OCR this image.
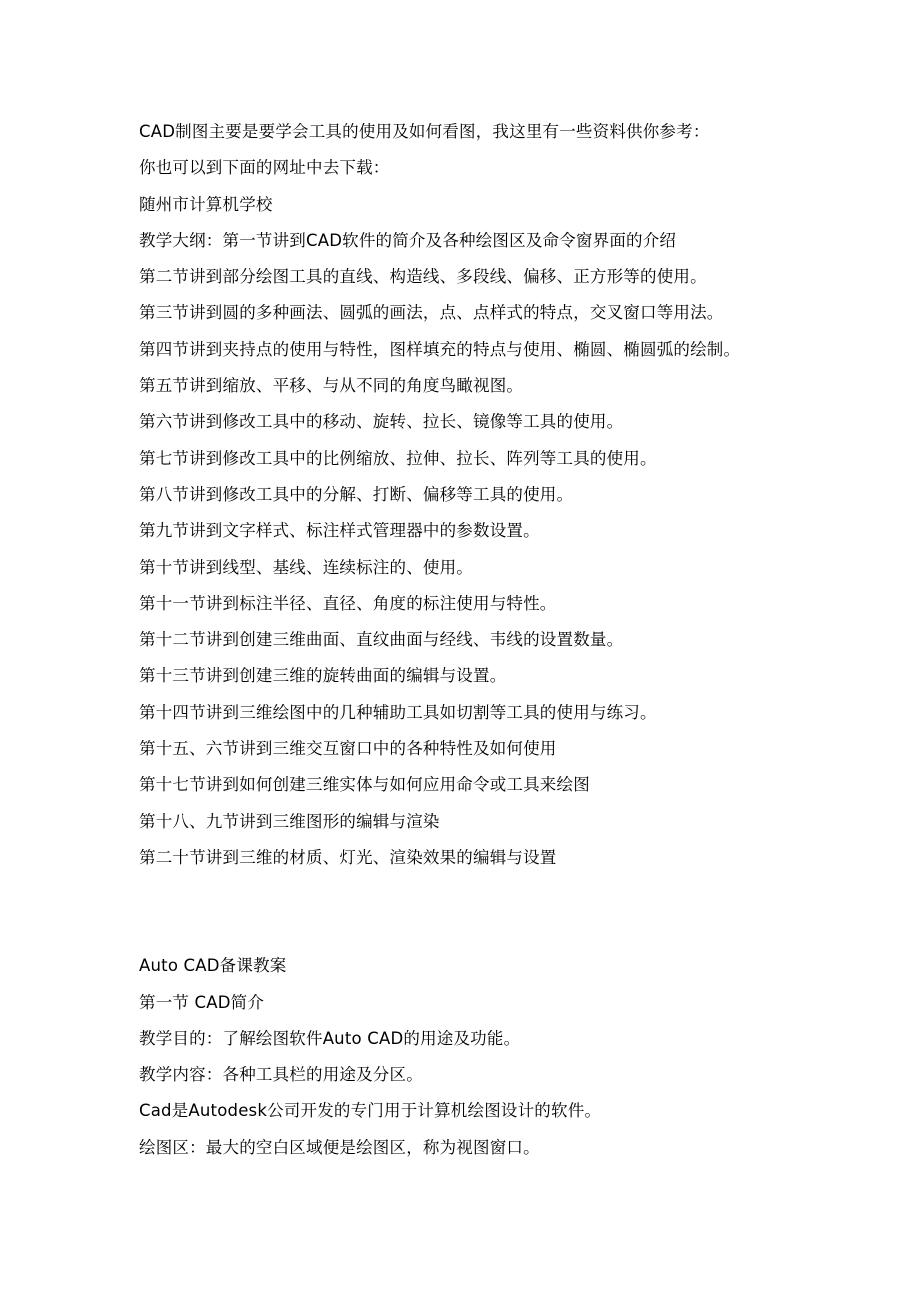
CAD制图主要是要学会工具的使用及如何看图，我这里有一些资料供你参考：
你也可以到下面的网址中去下载：
随州市计算机学校
教学大纲：第一节讲到CAD软件的简介及各种绘图区及命令窗界面的介绍
第二节讲到部分绘图工具的直线、构造线、多段线、偏移、正方形等的使用。
第三节讲到圆的多种画法、圆弧的画法，点、点样式的特点，交叉窗口等用法。
第四节讲到夹持点的使用与特性，图样填充的特点与使用、椭圆、椭圆弧的绘制。
第五节讲到缩放、平移、与从不同的角度鸟瞰视图。
第六节讲到修改工具中的移动、旋转、拉长、镜像等工具的使用。
第七节讲到修改工具中的比例缩放、拉伸、拉长、阵列等工具的使用。
第八节讲到修改工具中的分解、打断、偏移等工具的使用。
第九节讲到文字样式、标注样式管理器中的参数设置。
第十节讲到线型、基线、连续标注的、使用。
第十一节讲到标注半径、直径、角度的标注使用与特性。
第十二节讲到创建三维曲面、直纹曲面与经线、韦线的设置数量。
第十三节讲到创建三维的旋转曲面的编辑与设置。
第十四节讲到三维绘图中的几种辅助工具如切割等工具的使用与练习。
第十五、六节讲到三维交互窗口中的各种特性及如何使用
第十七节讲到如何创建三维实体与如何应用命令或工具来绘图
第十八、九节讲到三维图形的编辑与渲染
第二十节讲到三维的材质、灯光、渲染效果的编辑与设置
Auto CAD备课教案
第一节 CAD简介
教学目的：了解绘图软件Auto CAD的用途及功能。
教学内容：各种工具栏的用途及分区。
Cad是Autodesk公司开发的专门用于计算机绘图设计的软件。
绘图区：最大的空白区域便是绘图区，称为视图窗口。
